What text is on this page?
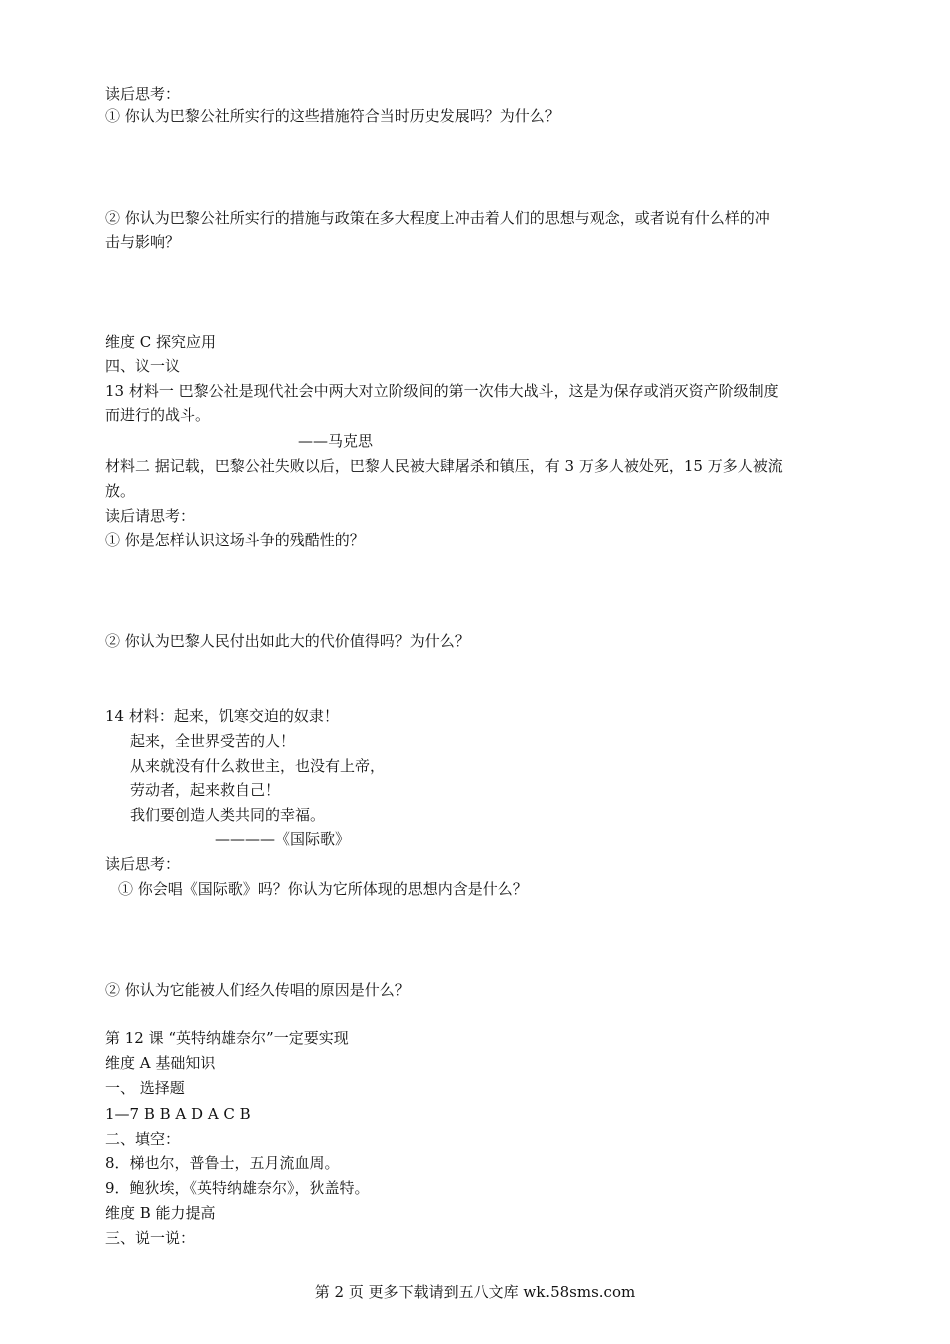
读后思考：
① 你认为巴黎公社所实行的这些措施符合当时历史发展吗？为什么？
② 你认为巴黎公社所实行的措施与政策在多大程度上冲击着人们的思想与观念，或者说有什么样的冲
击与影响？
维度 C 探究应用
四、议一议
13 材料一 巴黎公社是现代社会中两大对立阶级间的第一次伟大战斗，这是为保存或消灭资产阶级制度
而进行的战斗。
——马克思
材料二 据记载，巴黎公社失败以后，巴黎人民被大肆屠杀和镇压，有 3 万多人被处死，15 万多人被流
放。
读后请思考：
① 你是怎样认识这场斗争的残酷性的？
② 你认为巴黎人民付出如此大的代价值得吗？为什么？
14 材料：起来，饥寒交迫的奴隶！
起来，全世界受苦的人！
从来就没有什么救世主，也没有上帝，
劳动者，起来救自己！
我们要创造人类共同的幸福。
————《国际歌》
读后思考：
① 你会唱《国际歌》吗？你认为它所体现的思想内含是什么？
② 你认为它能被人们经久传唱的原因是什么？
第 12 课 “英特纳雄奈尔”一定要实现
维度 A 基础知识
一、 选择题
1—7 B B A D A C B
二、填空：
8．梯也尔，普鲁士，五月流血周。
9．鲍狄埃，《英特纳雄奈尔》，狄盖特。
维度 B 能力提高
三、说一说：
第 2 页 更多下载请到五八文库 wk.58sms.com
